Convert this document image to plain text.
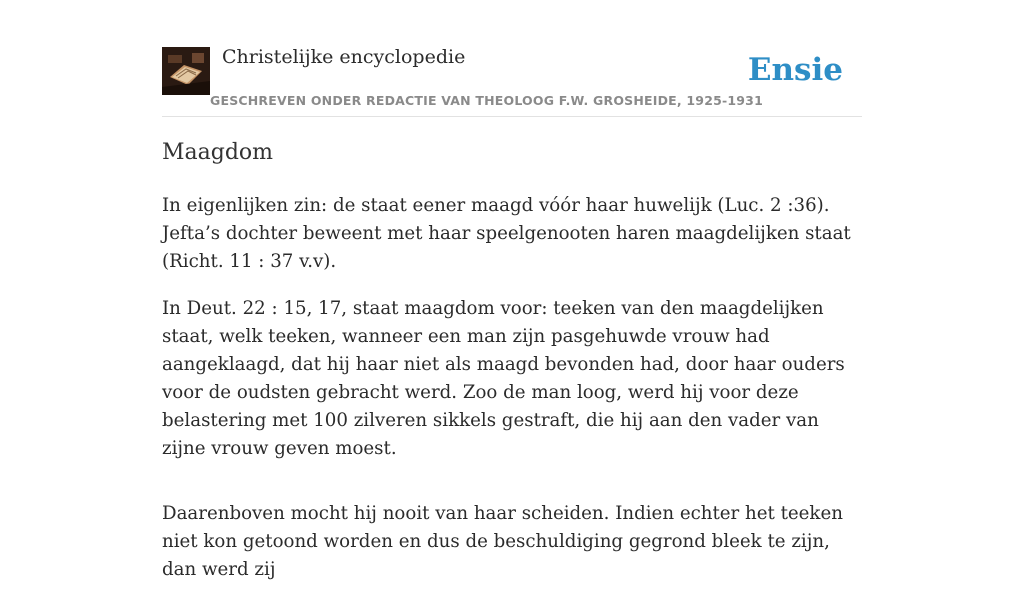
Christelijke encyclopedie
GESCHREVEN ONDER REDACTIE VAN THEOLOOG F.W. GROSHEIDE, 1925-1931
Ensie
Maagdom

In eigenlijken zin: de staat eener maagd vóór haar huwelijk (Luc. 2 :36). Jefta’s dochter beweent met haar speelgenooten haren maagdelijken staat (Richt. 11 : 37 v.v).

In Deut. 22 : 15, 17, staat maagdom voor: teeken van den maagdelijken staat, welk teeken, wanneer een man zijn pasgehuwde vrouw had aangeklaagd, dat hij haar niet als maagd bevonden had, door haar ouders voor de oudsten gebracht werd. Zoo de man loog, werd hij voor deze belastering met 100 zilveren sikkels gestraft, die hij aan den vader van zijne vrouw geven moest.

Daarenboven mocht hij nooit van haar scheiden. Indien echter het teeken niet kon getoond worden en dus de beschuldiging gegrond bleek te zijn, dan werd zij
